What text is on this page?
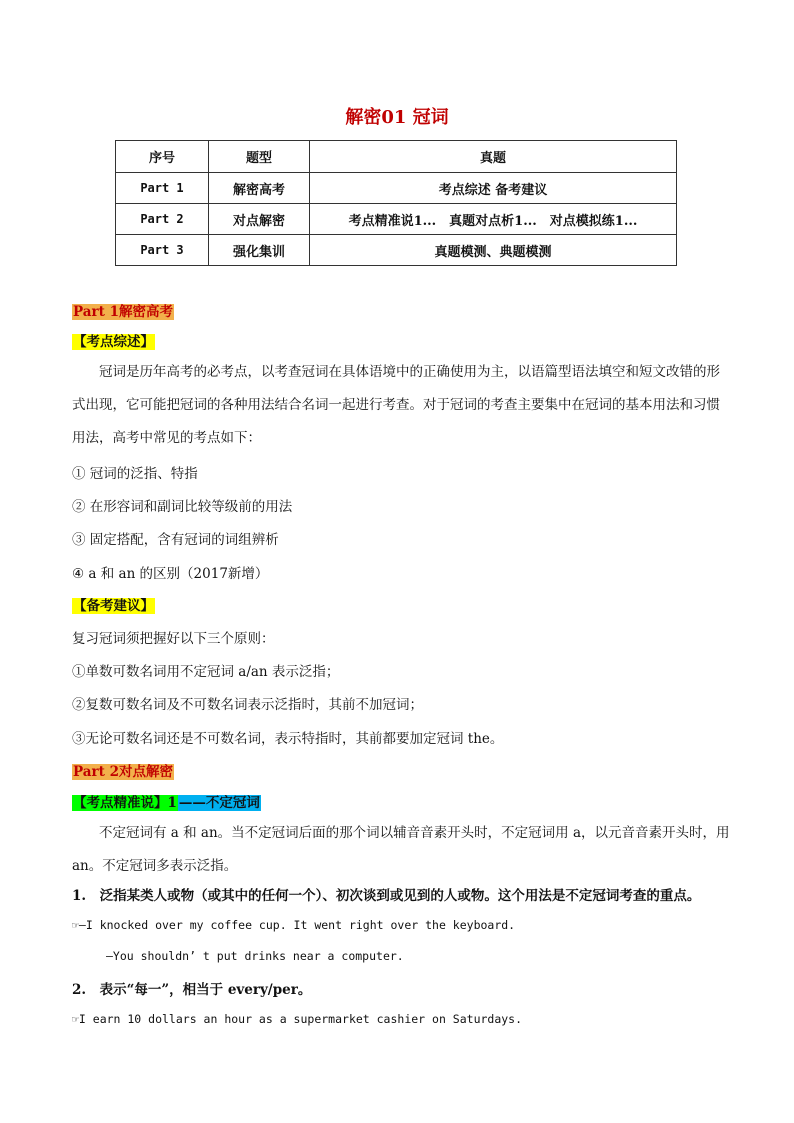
解密01 冠词
序号	题型	真题
Part 1	解密高考	考点综述 备考建议
Part 2	对点解密	考点精准说1...　真题对点析1...　对点模拟练1...
Part 3	强化集训	真题模测、典题模测
Part 1解密高考
【考点综述】
冠词是历年高考的必考点，以考查冠词在具体语境中的正确使用为主，以语篇型语法填空和短文改错的形式出现，它可能把冠词的各种用法结合名词一起进行考查。对于冠词的考查主要集中在冠词的基本用法和习惯用法，高考中常见的考点如下：
① 冠词的泛指、特指
② 在形容词和副词比较等级前的用法
③ 固定搭配，含有冠词的词组辨析
④ a 和 an 的区别（2017新增）
【备考建议】
复习冠词须把握好以下三个原则：
①单数可数名词用不定冠词 a/an 表示泛指；
②复数可数名词及不可数名词表示泛指时，其前不加冠词；
③无论可数名词还是不可数名词，表示特指时，其前都要加定冠词 the。
Part 2对点解密
【考点精准说】1 ——不定冠词
不定冠词有 a 和 an。当不定冠词后面的那个词以辅音音素开头时，不定冠词用 a，以元音音素开头时，用 an。不定冠词多表示泛指。
1.　泛指某类人或物（或其中的任何一个）、初次谈到或见到的人或物。这个用法是不定冠词考查的重点。
☞—I knocked over my coffee cup. It went right over the keyboard.
—You shouldn’ t put drinks near a computer.
2.　表示“每一”，相当于 every/per。
☞I earn 10 dollars an hour as a supermarket cashier on Saturdays.
